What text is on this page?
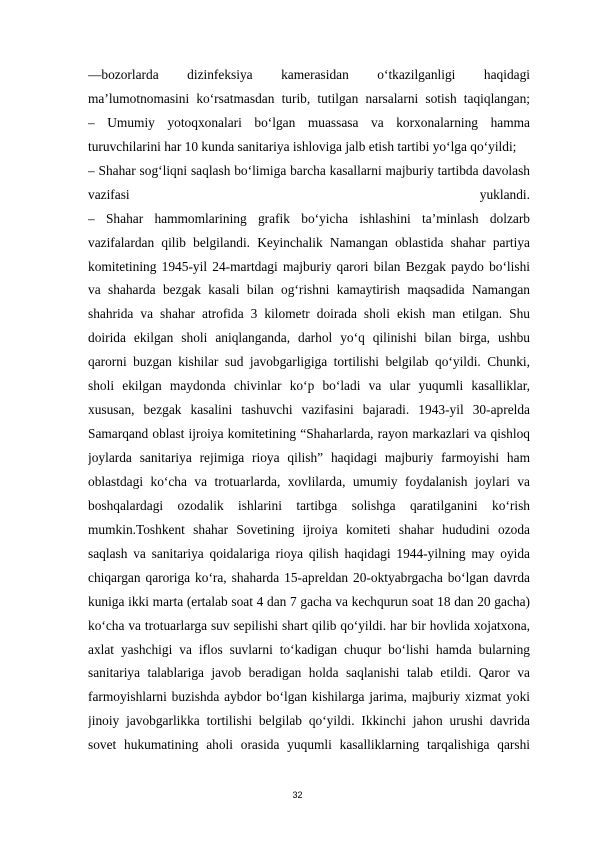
—bozorlarda dizinfeksiya kamerasidan o‘tkazilganligi haqidagi
ma’lumotnomasini ko‘rsatmasdan turib, tutilgan narsalarni sotish taqiqlangan;
– Umumiy yotoqxonalari bo‘lgan muassasa va korxonalarning hamma
turuvchilarini har 10 kunda sanitariya ishloviga jalb etish tartibi yo‘lga qo‘yildi;
– Shahar sog‘liqni saqlash bo‘limiga barcha kasallarni majburiy tartibda davolash
vazifasi yuklandi.
– Shahar hammomlarining grafik bo‘yicha ishlashini ta’minlash dolzarb
vazifalardan qilib belgilandi. Keyinchalik Namangan oblastida shahar partiya
komitetining 1945-yil 24-martdagi majburiy qarori bilan Bezgak paydo bo‘lishi
va shaharda bezgak kasali bilan og‘rishni kamaytirish maqsadida Namangan
shahrida va shahar atrofida 3 kilometr doirada sholi ekish man etilgan. Shu
doirida ekilgan sholi aniqlanganda, darhol yo‘q qilinishi bilan birga, ushbu
qarorni buzgan kishilar sud javobgarligiga tortilishi belgilab qo‘yildi. Chunki,
sholi ekilgan maydonda chivinlar ko‘p bo‘ladi va ular yuqumli kasalliklar,
xususan, bezgak kasalini tashuvchi vazifasini bajaradi. 1943-yil 30-aprelda
Samarqand oblast ijroiya komitetining “Shaharlarda, rayon markazlari va qishloq
joylarda sanitariya rejimiga rioya qilish” haqidagi majburiy farmoyishi ham
oblastdagi ko‘cha va trotuarlarda, xovlilarda, umumiy foydalanish joylari va
boshqalardagi ozodalik ishlarini tartibga solishga qaratilganini ko‘rish
mumkin.Toshkent shahar Sovetining ijroiya komiteti shahar hududini ozoda
saqlash va sanitariya qoidalariga rioya qilish haqidagi 1944-yilning may oyida
chiqargan qaroriga ko‘ra, shaharda 15-apreldan 20-oktyabrgacha bo‘lgan davrda
kuniga ikki marta (ertalab soat 4 dan 7 gacha va kechqurun soat 18 dan 20 gacha)
ko‘cha va trotuarlarga suv sepilishi shart qilib qo‘yildi. har bir hovlida xojatxona,
axlat yashchigi va iflos suvlarni to‘kadigan chuqur bo‘lishi hamda bularning
sanitariya talablariga javob beradigan holda saqlanishi talab etildi. Qaror va
farmoyishlarni buzishda aybdor bo‘lgan kishilarga jarima, majburiy xizmat yoki
jinoiy javobgarlikka tortilishi belgilab qo‘yildi. Ikkinchi jahon urushi davrida
sovet hukumatining aholi orasida yuqumli kasalliklarning tarqalishiga qarshi
32
